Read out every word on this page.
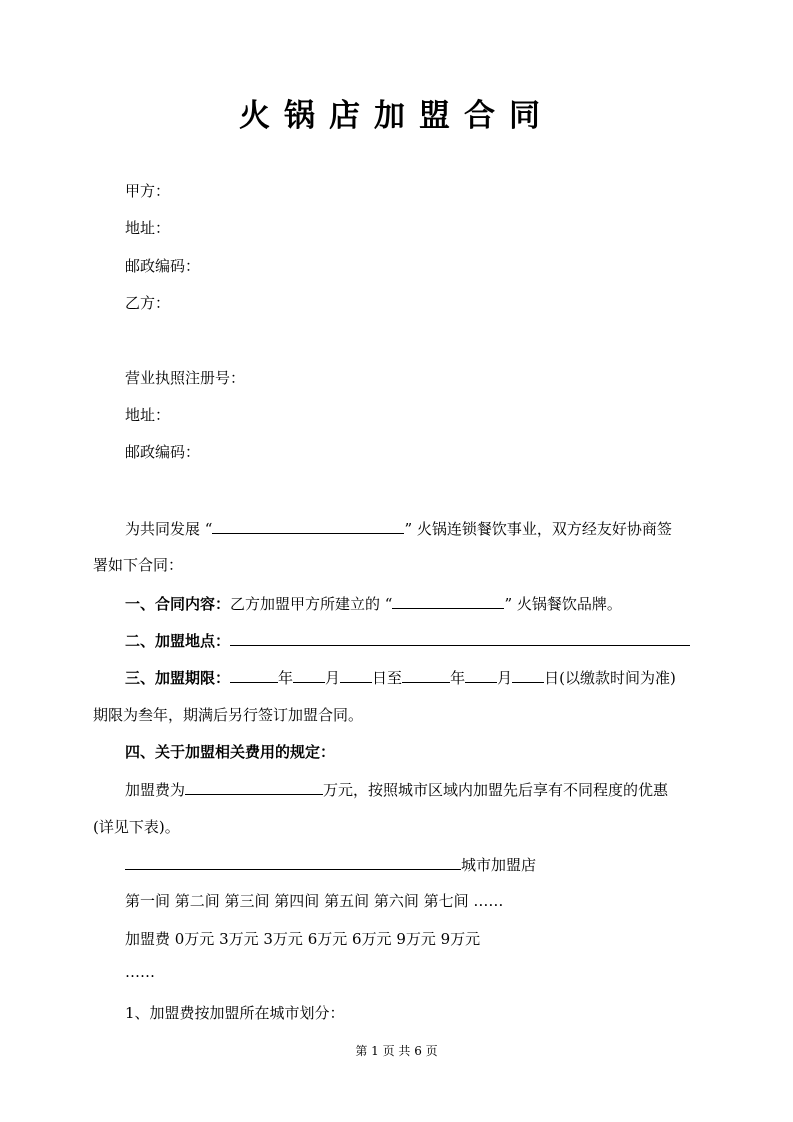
火锅店加盟合同
甲方：
地址：
邮政编码：
乙方：
营业执照注册号：
地址：
邮政编码：
为共同发展 “	” 火锅连锁餐饮事业，双方经友好协商签
署如下合同：
一、合同内容：乙方加盟甲方所建立的 “	” 火锅餐饮品牌。
二、加盟地点：
三、加盟期限：	年 月 日至	年 月 日(以缴款时间为准)
期限为叁年，期满后另行签订加盟合同。
四、关于加盟相关费用的规定：
加盟费为	万元，按照城市区域内加盟先后享有不同程度的优惠
(详见下表)。
城市加盟店
第一间 第二间 第三间 第四间 第五间 第六间 第七间 ……
加盟费 0万元 3万元 3万元 6万元 6万元 9万元 9万元
……
1、加盟费按加盟所在城市划分：
第 1 页 共 6 页
